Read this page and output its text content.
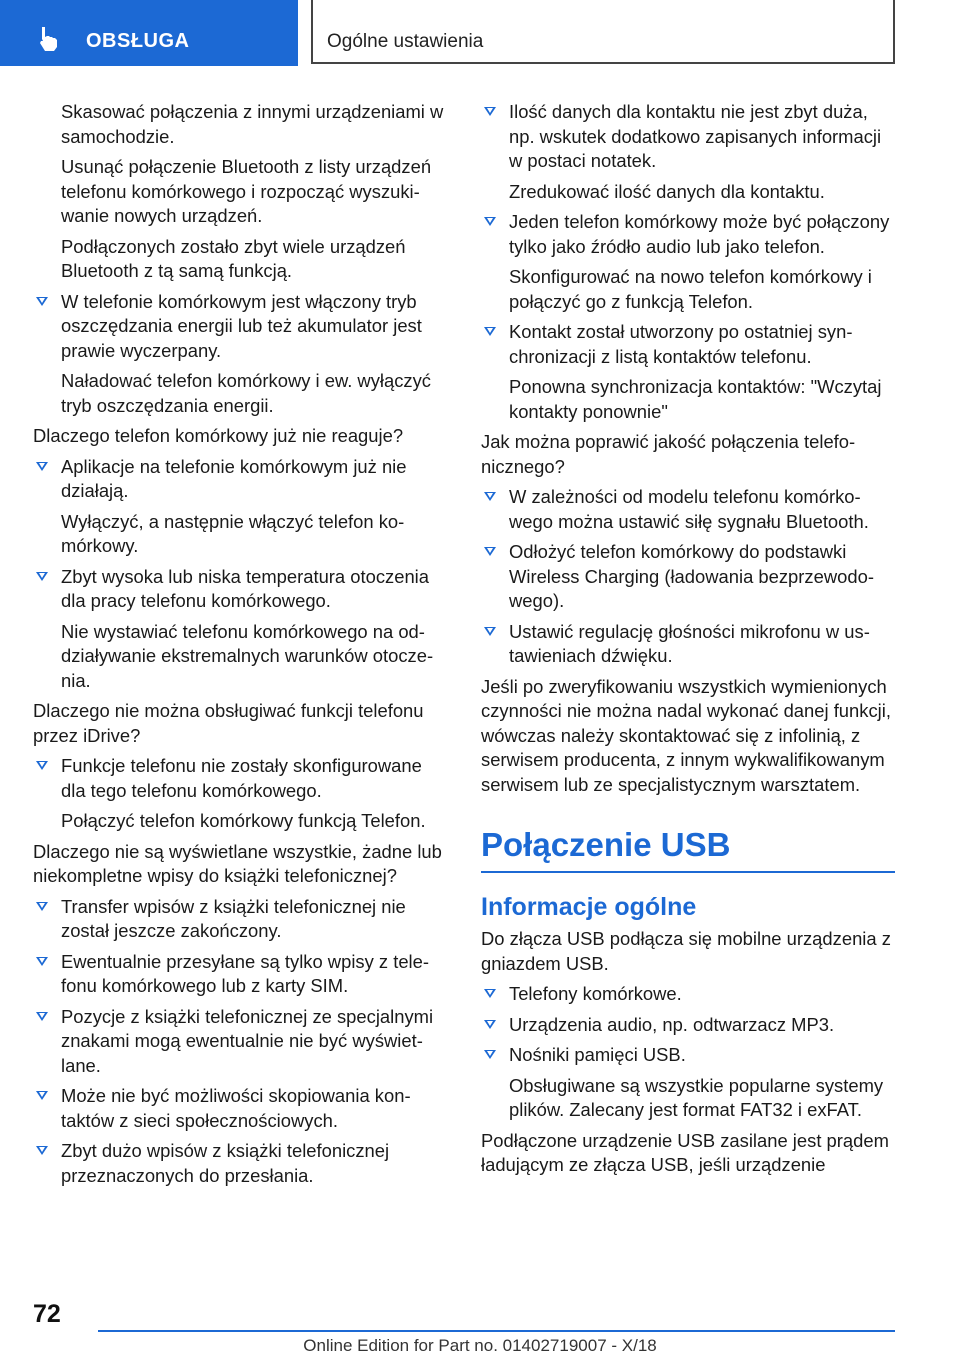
OBSŁUGA	Ogólne ustawienia
Skasować połączenia z innymi urządzeniami w samochodzie.
Usunąć połączenie Bluetooth z listy urządzeń telefonu komórkowego i rozpocząć wyszukiwanie nowych urządzeń.
Podłączonych zostało zbyt wiele urządzeń Bluetooth z tą samą funkcją.
W telefonie komórkowym jest włączony tryb oszczędzania energii lub też akumulator jest prawie wyczerpany.
Naładować telefon komórkowy i ew. wyłączyć tryb oszczędzania energii.
Dlaczego telefon komórkowy już nie reaguje?
Aplikacje na telefonie komórkowym już nie działają.
Wyłączyć, a następnie włączyć telefon komórkowy.
Zbyt wysoka lub niska temperatura otoczenia dla pracy telefonu komórkowego.
Nie wystawiać telefonu komórkowego na oddziaływanie ekstremalnych warunków otoczenia.
Dlaczego nie można obsługiwać funkcji telefonu przez iDrive?
Funkcje telefonu nie zostały skonfigurowane dla tego telefonu komórkowego.
Połączyć telefon komórkowy funkcją Telefon.
Dlaczego nie są wyświetlane wszystkie, żadne lub niekompletne wpisy do książki telefonicznej?
Transfer wpisów z książki telefonicznej nie został jeszcze zakończony.
Ewentualnie przesyłane są tylko wpisy z telefonu komórkowego lub z karty SIM.
Pozycje z książki telefonicznej ze specjalnymi znakami mogą ewentualnie nie być wyświetlane.
Może nie być możliwości skopiowania kontaktów z sieci społecznościowych.
Zbyt dużo wpisów z książki telefonicznej przeznaczonych do przesłania.
Ilość danych dla kontaktu nie jest zbyt duża, np. wskutek dodatkowo zapisanych informacji w postaci notatek.
Zredukować ilość danych dla kontaktu.
Jeden telefon komórkowy może być połączony tylko jako źródło audio lub jako telefon.
Skonfigurować na nowo telefon komórkowy i połączyć go z funkcją Telefon.
Kontakt został utworzony po ostatniej synchronizacji z listą kontaktów telefonu.
Ponowna synchronizacja kontaktów: "Wczytaj kontakty ponownie"
Jak można poprawić jakość połączenia telefonicznego?
W zależności od modelu telefonu komórkowego można ustawić siłę sygnału Bluetooth.
Odłożyć telefon komórkowy do podstawki Wireless Charging (ładowania bezprzewodowego).
Ustawić regulację głośności mikrofonu w ustawieniach dźwięku.
Jeśli po zweryfikowaniu wszystkich wymienionych czynności nie można nadal wykonać danej funkcji, wówczas należy skontaktować się z infolinią, z serwisem producenta, z innym wykwalifikowanym serwisem lub ze specjalistycznym warsztatem.
Połączenie USB
Informacje ogólne
Do złącza USB podłącza się mobilne urządzenia z gniazdem USB.
Telefony komórkowe.
Urządzenia audio, np. odtwarzacz MP3.
Nośniki pamięci USB.
Obsługiwane są wszystkie popularne systemy plików. Zalecany jest format FAT32 i exFAT.
Podłączone urządzenie USB zasilane jest prądem ładującym ze złącza USB, jeśli urządzenie
72
Online Edition for Part no. 01402719007 - X/18
